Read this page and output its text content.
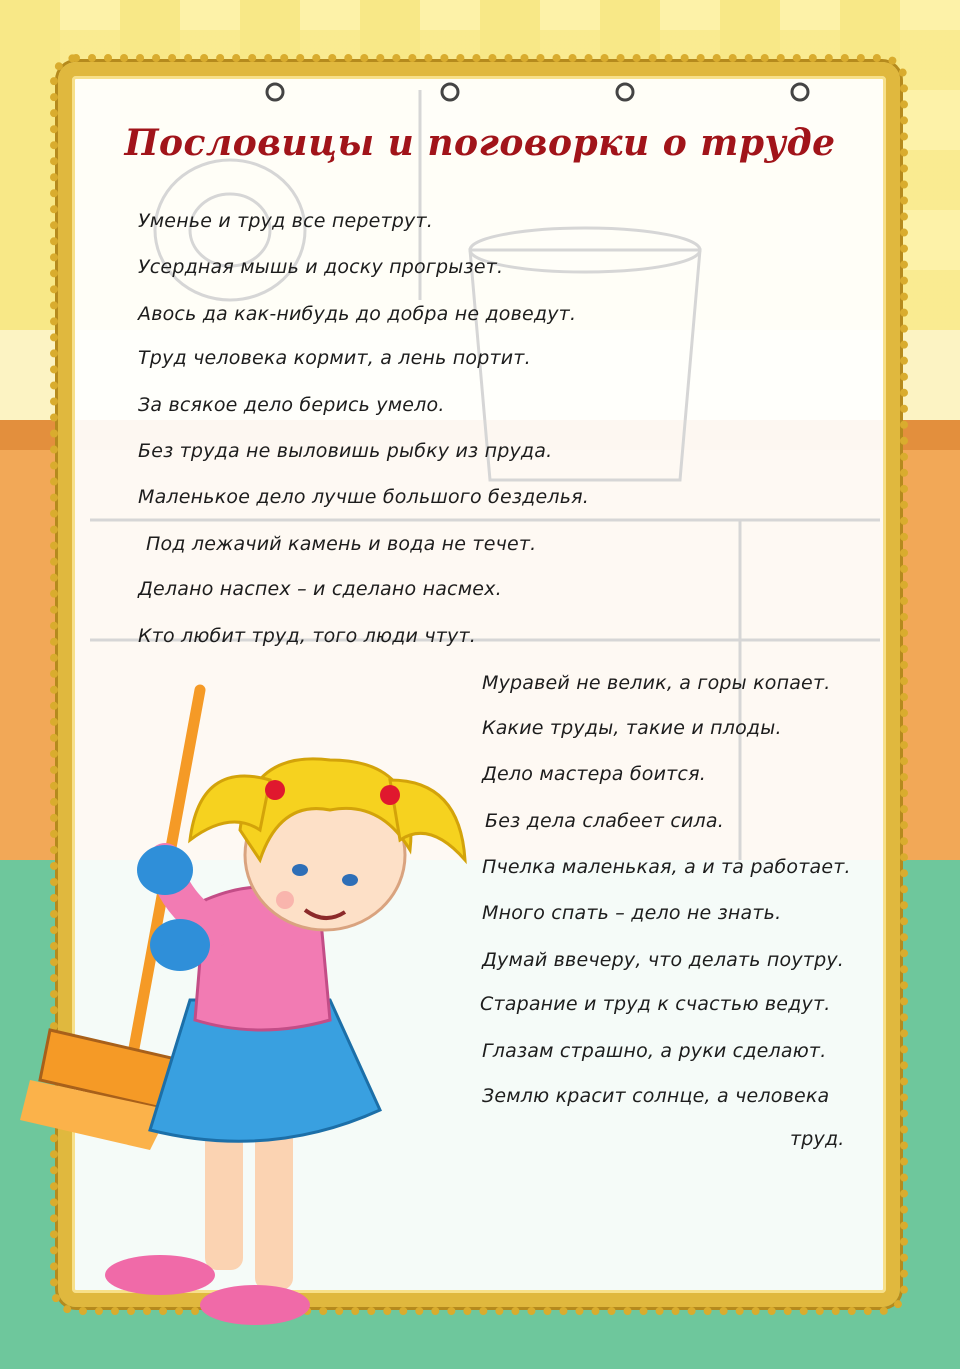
Пословицы и поговорки о труде
Уменье и труд все перетрут.
Усердная мышь и доску прогрызет.
Авось да как-нибудь до добра не доведут.
Труд человека кормит, а лень портит.
За всякое дело берись умело.
Без труда не выловишь рыбку из пруда.
Маленькое дело лучше большого безделья.
Под лежачий камень и вода не течет.
Делано наспех – и сделано насмех.
Кто любит труд, того люди чтут.
Муравей не велик, а горы копает.
Какие труды, такие и плоды.
Дело мастера боится.
Без дела слабеет сила.
Пчелка маленькая, а и та работает.
Много спать – дело не знать.
Думай ввечеру, что делать поутру.
Старание и труд к счастью ведут.
Глазам страшно, а руки сделают.
Землю красит солнце, а человека
труд.
